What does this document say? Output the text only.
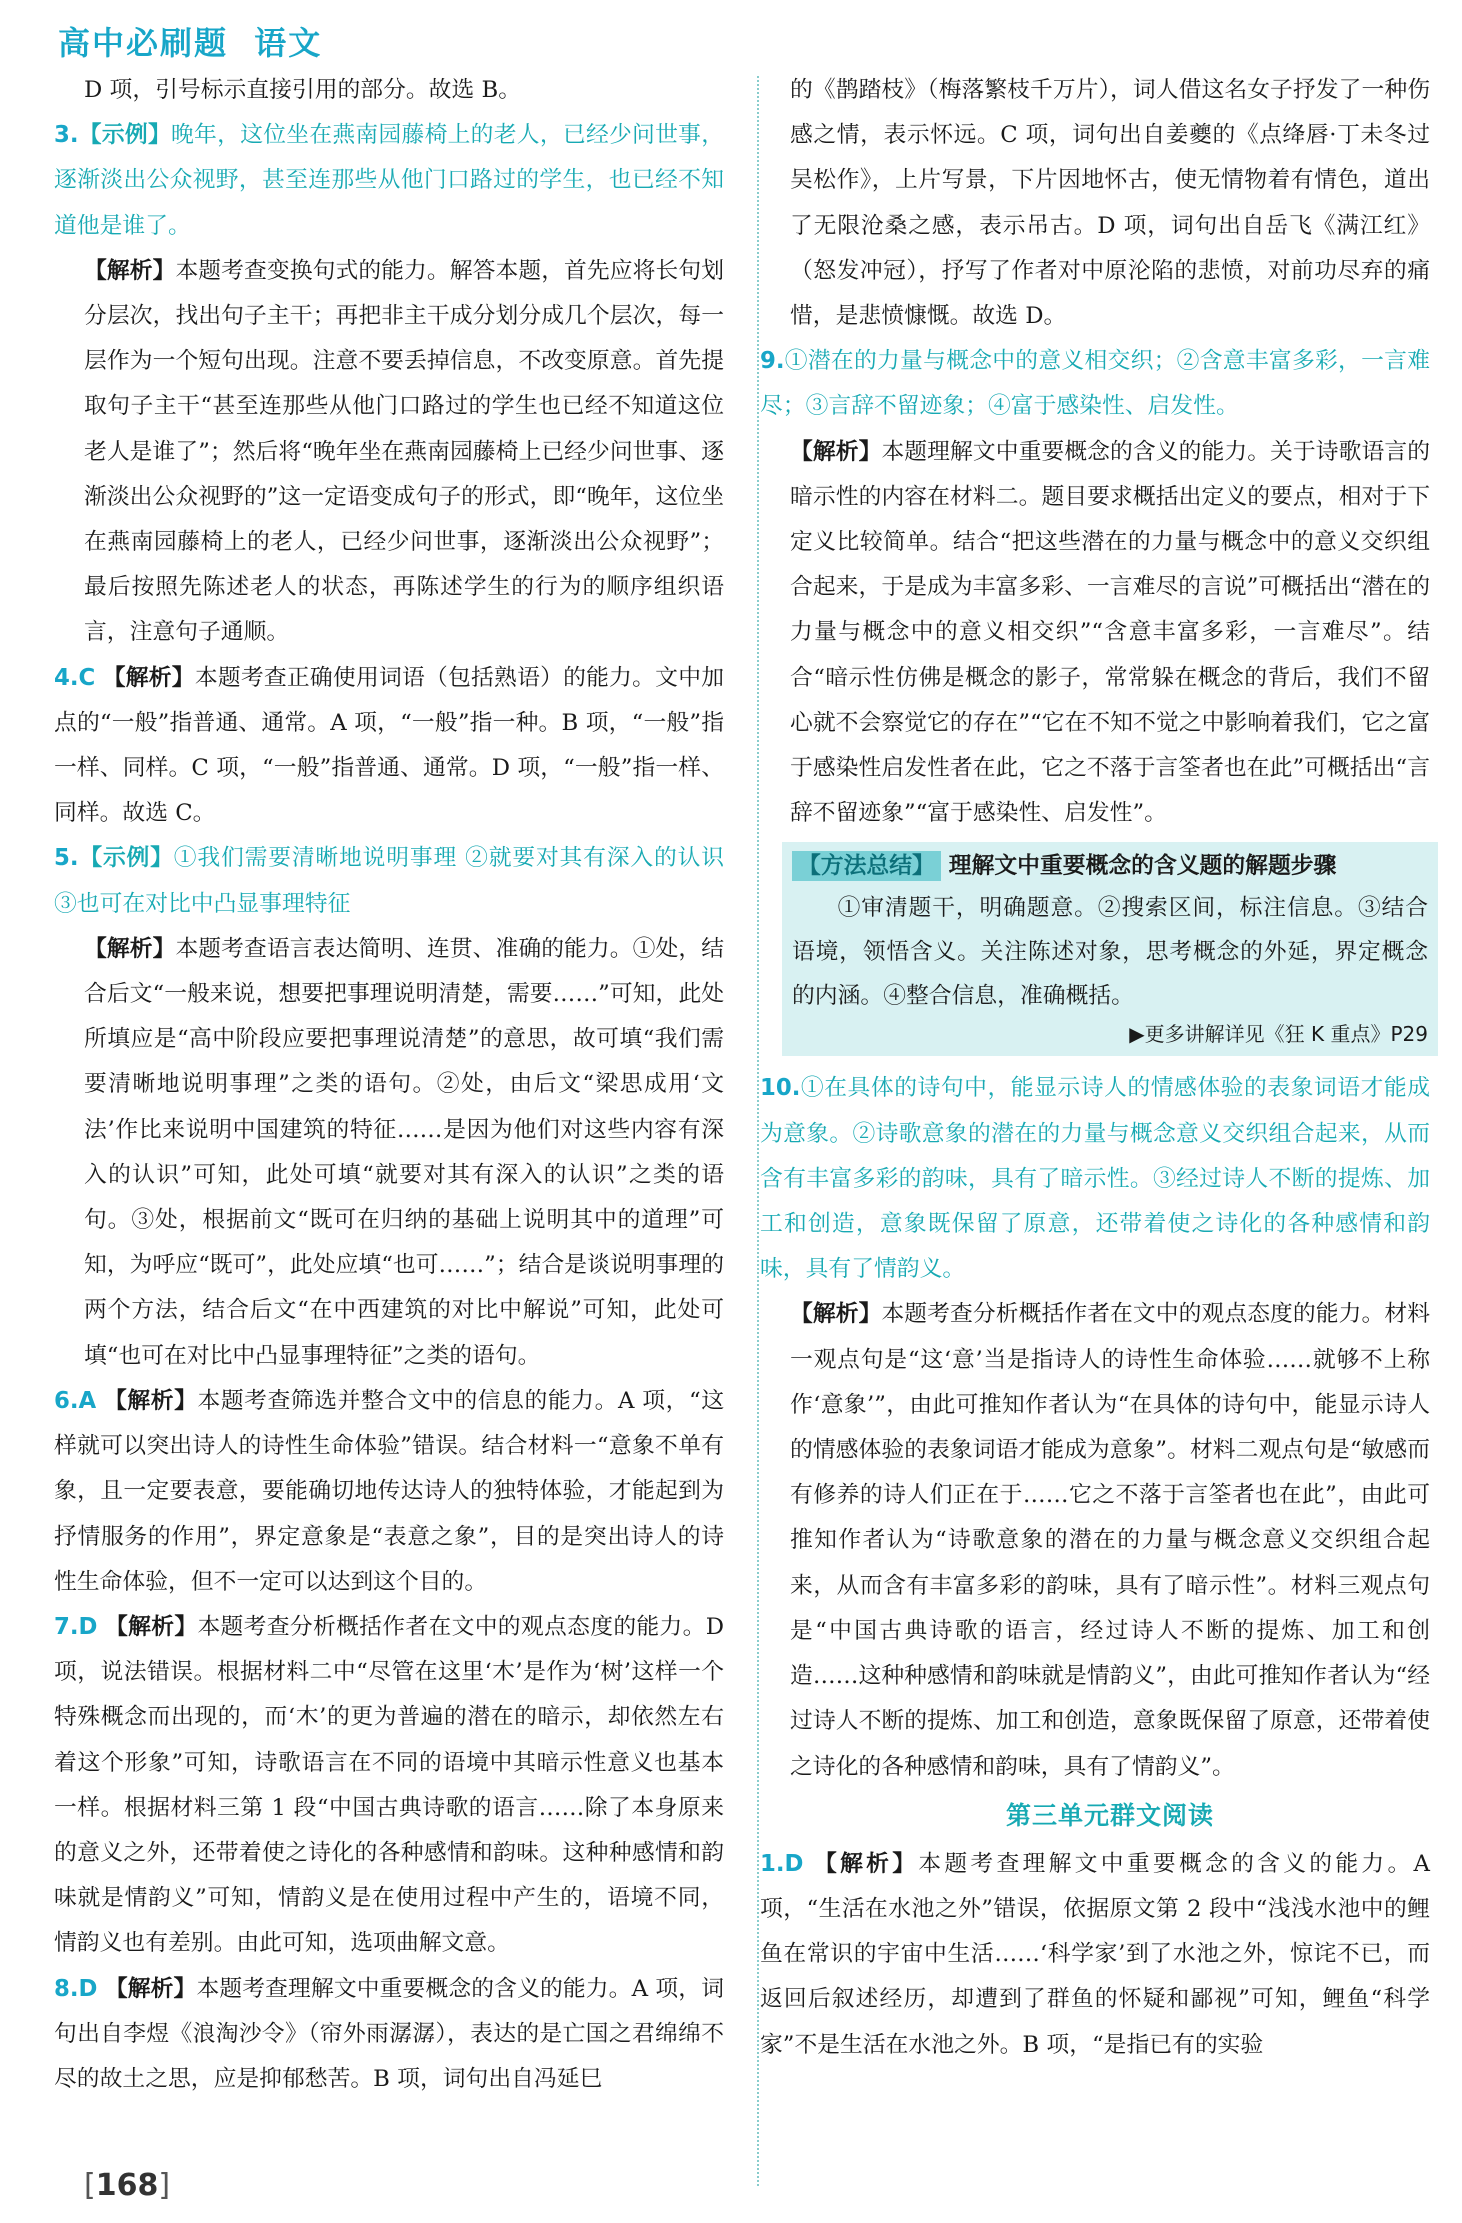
高中必刷题  语文

D 项，引号标示直接引用的部分。故选 B。

3.【示例】晚年，这位坐在燕南园藤椅上的老人，已经少问世事，逐渐淡出公众视野，甚至连那些从他门口路过的学生，也已经不知道他是谁了。

【解析】本题考查变换句式的能力。解答本题，首先应将长句划分层次，找出句子主干；再把非主干成分划分成几个层次，每一层作为一个短句出现。注意不要丢掉信息，不改变原意。首先提取句子主干“甚至连那些从他门口路过的学生也已经不知道这位老人是谁了”；然后将“晚年坐在燕南园藤椅上已经少问世事、逐渐淡出公众视野的”这一定语变成句子的形式，即“晚年，这位坐在燕南园藤椅上的老人，已经少问世事，逐渐淡出公众视野”；最后按照先陈述老人的状态，再陈述学生的行为的顺序组织语言，注意句子通顺。

4.C 【解析】本题考查正确使用词语（包括熟语）的能力。文中加点的“一般”指普通、通常。A 项，“一般”指一种。B 项，“一般”指一样、同样。C 项，“一般”指普通、通常。D 项，“一般”指一样、同样。故选 C。

5.【示例】①我们需要清晰地说明事理 ②就要对其有深入的认识 ③也可在对比中凸显事理特征

【解析】本题考查语言表达简明、连贯、准确的能力。①处，结合后文“一般来说，想要把事理说明清楚，需要……”可知，此处所填应是“高中阶段应要把事理说清楚”的意思，故可填“我们需要清晰地说明事理”之类的语句。②处，由后文“梁思成用‘文法’作比来说明中国建筑的特征……是因为他们对这些内容有深入的认识”可知，此处可填“就要对其有深入的认识”之类的语句。③处，根据前文“既可在归纳的基础上说明其中的道理”可知，为呼应“既可”，此处应填“也可……”；结合是谈说明事理的两个方法，结合后文“在中西建筑的对比中解说”可知，此处可填“也可在对比中凸显事理特征”之类的语句。

6.A 【解析】本题考查筛选并整合文中的信息的能力。A 项，“这样就可以突出诗人的诗性生命体验”错误。结合材料一“意象不单有象，且一定要表意，要能确切地传达诗人的独特体验，才能起到为抒情服务的作用”，界定意象是“表意之象”，目的是突出诗人的诗性生命体验，但不一定可以达到这个目的。

7.D 【解析】本题考查分析概括作者在文中的观点态度的能力。D 项，说法错误。根据材料二中“尽管在这里‘木’是作为‘树’这样一个特殊概念而出现的，而‘木’的更为普遍的潜在的暗示，却依然左右着这个形象”可知，诗歌语言在不同的语境中其暗示性意义也基本一样。根据材料三第 1 段“中国古典诗歌的语言……除了本身原来的意义之外，还带着使之诗化的各种感情和韵味。这种种感情和韵味就是情韵义”可知，情韵义是在使用过程中产生的，语境不同，情韵义也有差别。由此可知，选项曲解文意。

8.D 【解析】本题考查理解文中重要概念的含义的能力。A 项，词句出自李煜《浪淘沙令》（帘外雨潺潺），表达的是亡国之君绵绵不尽的故土之思，应是抑郁愁苦。B 项，词句出自冯延巳

的《鹊踏枝》（梅落繁枝千万片），词人借这名女子抒发了一种伤感之情，表示怀远。C 项，词句出自姜夔的《点绛唇·丁未冬过吴松作》，上片写景，下片因地怀古，使无情物着有情色，道出了无限沧桑之感，表示吊古。D 项，词句出自岳飞《满江红》（怒发冲冠），抒写了作者对中原沦陷的悲愤，对前功尽弃的痛惜，是悲愤慷慨。故选 D。

9.①潜在的力量与概念中的意义相交织；②含意丰富多彩，一言难尽；③言辞不留迹象；④富于感染性、启发性。

【解析】本题理解文中重要概念的含义的能力。关于诗歌语言的暗示性的内容在材料二。题目要求概括出定义的要点，相对于下定义比较简单。结合“把这些潜在的力量与概念中的意义交织组合起来，于是成为丰富多彩、一言难尽的言说”可概括出“潜在的力量与概念中的意义相交织”“含意丰富多彩，一言难尽”。结合“暗示性仿佛是概念的影子，常常躲在概念的背后，我们不留心就不会察觉它的存在”“它在不知不觉之中影响着我们，它之富于感染性启发性者在此，它之不落于言筌者也在此”可概括出“言辞不留迹象”“富于感染性、启发性”。

【方法总结】 理解文中重要概念的含义题的解题步骤

①审清题干，明确题意。②搜索区间，标注信息。③结合语境，领悟含义。关注陈述对象，思考概念的外延，界定概念的内涵。④整合信息，准确概括。

▶更多讲解详见《狂 K 重点》P29

10.①在具体的诗句中，能显示诗人的情感体验的表象词语才能成为意象。②诗歌意象的潜在的力量与概念意义交织组合起来，从而含有丰富多彩的韵味，具有了暗示性。③经过诗人不断的提炼、加工和创造，意象既保留了原意，还带着使之诗化的各种感情和韵味，具有了情韵义。

【解析】本题考查分析概括作者在文中的观点态度的能力。材料一观点句是“这‘意’当是指诗人的诗性生命体验……就够不上称作‘意象’”，由此可推知作者认为“在具体的诗句中，能显示诗人的情感体验的表象词语才能成为意象”。材料二观点句是“敏感而有修养的诗人们正在于……它之不落于言筌者也在此”，由此可推知作者认为“诗歌意象的潜在的力量与概念意义交织组合起来，从而含有丰富多彩的韵味，具有了暗示性”。材料三观点句是“中国古典诗歌的语言，经过诗人不断的提炼、加工和创造……这种种感情和韵味就是情韵义”，由此可推知作者认为“经过诗人不断的提炼、加工和创造，意象既保留了原意，还带着使之诗化的各种感情和韵味，具有了情韵义”。

第三单元群文阅读

1.D 【解析】本题考查理解文中重要概念的含义的能力。A 项，“生活在水池之外”错误，依据原文第 2 段中“浅浅水池中的鲤鱼在常识的宇宙中生活……‘科学家’到了水池之外，惊诧不已，而返回后叙述经历，却遭到了群鱼的怀疑和鄙视”可知，鲤鱼“科学家”不是生活在水池之外。B 项，“是指已有的实验

[168]
